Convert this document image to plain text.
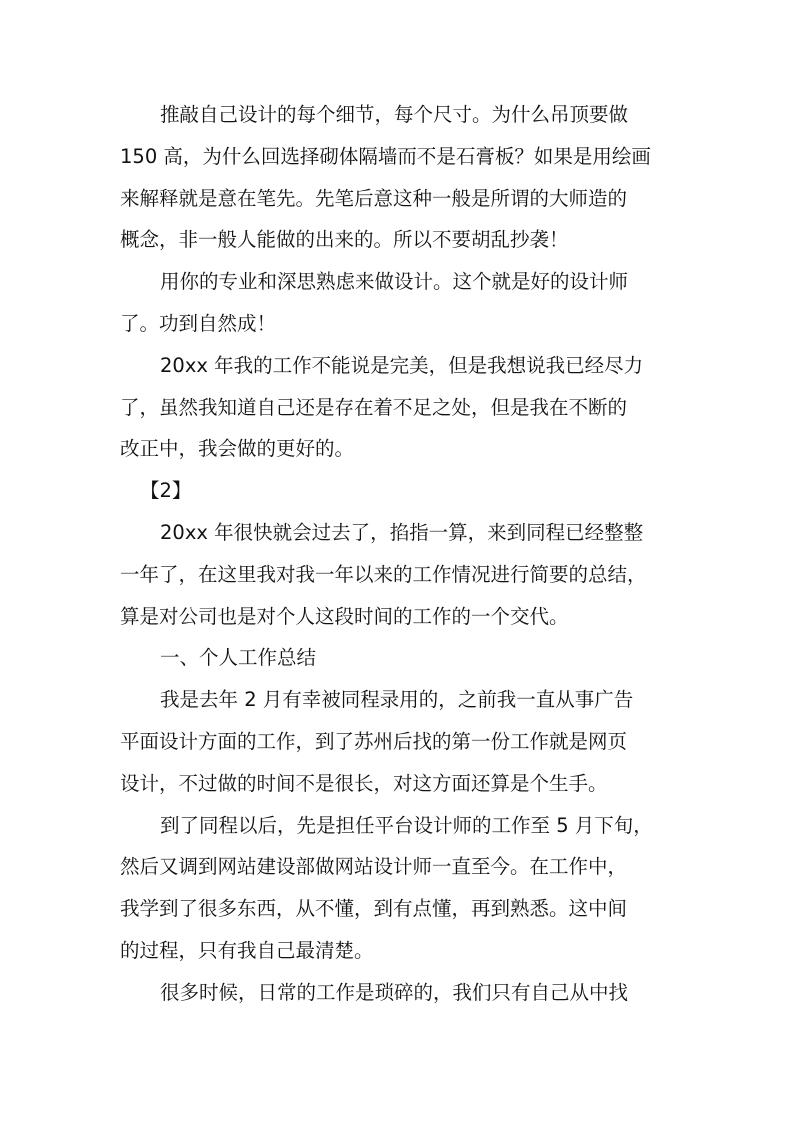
推敲自己设计的每个细节，每个尺寸。为什么吊顶要做
150 高，为什么回选择砌体隔墙而不是石膏板？如果是用绘画
来解释就是意在笔先。先笔后意这种一般是所谓的大师造的
概念，非一般人能做的出来的。所以不要胡乱抄袭！
用你的专业和深思熟虑来做设计。这个就是好的设计师
了。功到自然成！
20xx 年我的工作不能说是完美，但是我想说我已经尽力
了，虽然我知道自己还是存在着不足之处，但是我在不断的
改正中，我会做的更好的。
【2】
20xx 年很快就会过去了，掐指一算，来到同程已经整整
一年了，在这里我对我一年以来的工作情况进行简要的总结，
算是对公司也是对个人这段时间的工作的一个交代。
一、个人工作总结
我是去年 2 月有幸被同程录用的，之前我一直从事广告
平面设计方面的工作，到了苏州后找的第一份工作就是网页
设计，不过做的时间不是很长，对这方面还算是个生手。
到了同程以后，先是担任平台设计师的工作至 5 月下旬，
然后又调到网站建设部做网站设计师一直至今。在工作中，
我学到了很多东西，从不懂，到有点懂，再到熟悉。这中间
的过程，只有我自己最清楚。
很多时候，日常的工作是琐碎的，我们只有自己从中找
